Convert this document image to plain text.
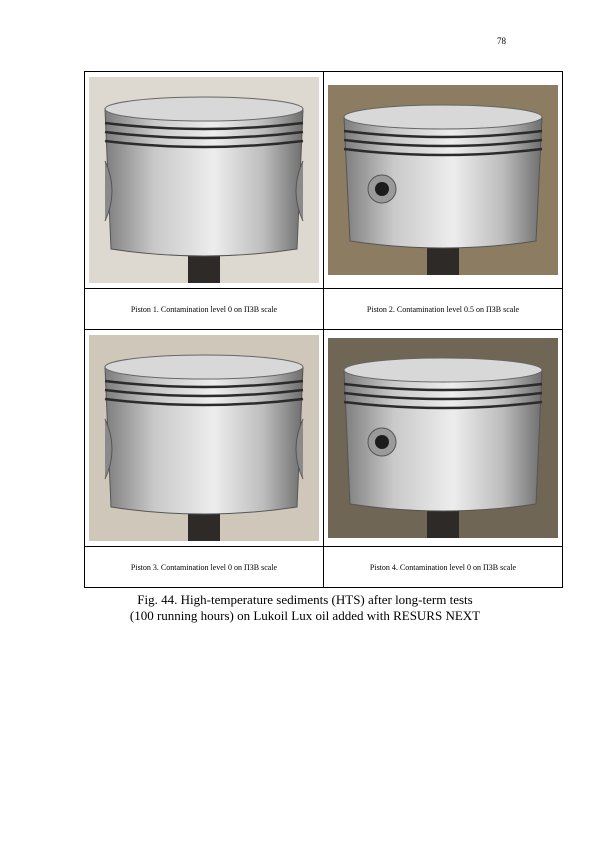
78

Piston 1. Contamination level 0 on ПЗВ scale	Piston 2. Contamination level 0.5 on ПЗВ scale

Piston 3. Contamination level 0 on ПЗВ scale	Piston 4. Contamination level 0 on ПЗВ scale
Fig. 44. High-temperature sediments (HTS) after long-term tests
(100 running hours) on Lukoil Lux oil added with RESURS NEXT
